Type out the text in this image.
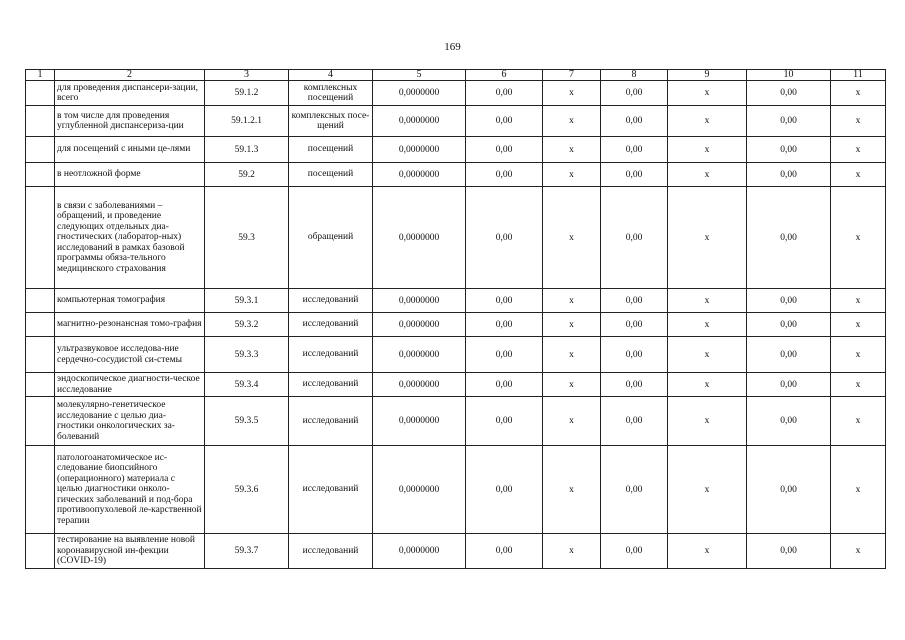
169
1	2	3	4	5	6	7	8	9	10	11
	для проведения диспансери-зации, всего	59.1.2	комплексных посещений	0,0000000	0,00	х	0,00	х	0,00	х
	в том числе для проведения углубленной диспансериза-ции	59.1.2.1	комплексных посе-щений	0,0000000	0,00	х	0,00	х	0,00	х
	для посещений с иными це-лями	59.1.3	посещений	0,0000000	0,00	х	0,00	х	0,00	х
	в неотложной форме	59.2	посещений	0,0000000	0,00	х	0,00	х	0,00	х
	в связи с заболеваниями – обращений, и проведение следующих отдельных диа-гностических (лаборатор-ных) исследований в рамках базовой программы обяза-тельного медицинского страхования	59.3	обращений	0,0000000	0,00	х	0,00	х	0,00	х
	компьютерная томография	59.3.1	исследований	0,0000000	0,00	х	0,00	х	0,00	х
	магнитно-резонансная томо-графия	59.3.2	исследований	0,0000000	0,00	х	0,00	х	0,00	х
	ультразвуковое исследова-ние сердечно-сосудистой си-стемы	59.3.3	исследований	0,0000000	0,00	х	0,00	х	0,00	х
	эндоскопическое диагности-ческое исследование	59.3.4	исследований	0,0000000	0,00	х	0,00	х	0,00	х
	молекулярно-генетическое исследование с целью диа-гностики онкологических за-болеваний	59.3.5	исследований	0,0000000	0,00	х	0,00	х	0,00	х
	патологоанатомическое ис-следование биопсийного (операционного) материала с целью диагностики онколо-гических заболеваний и под-бора противоопухолевой ле-карственной терапии	59.3.6	исследований	0,0000000	0,00	х	0,00	х	0,00	х
	тестирование на выявление новой коронавирусной ин-фекции (COVID-19)	59.3.7	исследований	0,0000000	0,00	х	0,00	х	0,00	х
